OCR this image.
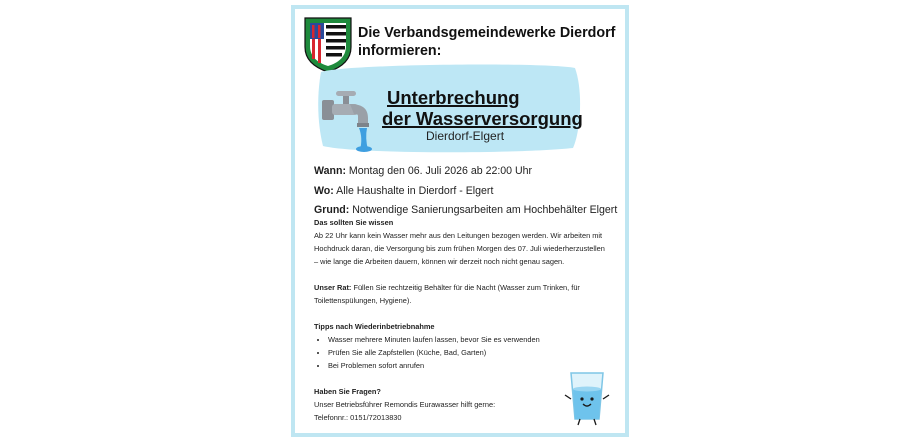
Die Verbandsgemeindewerke Dierdorf informieren:
Unterbrechung
der Wasserversorgung
Dierdorf-Elgert
Wann: Montag den 06. Juli 2026 ab 22:00 Uhr
Wo: Alle Haushalte in Dierdorf - Elgert
Grund: Notwendige Sanierungsarbeiten am Hochbehälter Elgert

Das sollten Sie wissen

Ab 22 Uhr kann kein Wasser mehr aus den Leitungen bezogen werden. Wir arbeiten mit Hochdruck daran, die Versorgung bis zum frühen Morgen des 07. Juli wiederherzustellen – wie lange die Arbeiten dauern, können wir derzeit noch nicht genau sagen.

Unser Rat: Füllen Sie rechtzeitig Behälter für die Nacht (Wasser zum Trinken, für Toilettenspülungen, Hygiene).

Tipps nach Wiederinbetriebnahme

• Wasser mehrere Minuten laufen lassen, bevor Sie es verwenden
• Prüfen Sie alle Zapfstellen (Küche, Bad, Garten)
• Bei Problemen sofort anrufen

Haben Sie Fragen?

Unser Betriebsführer Remondis Eurawasser hilft gerne:

Telefonnr.: 0151/72013830
